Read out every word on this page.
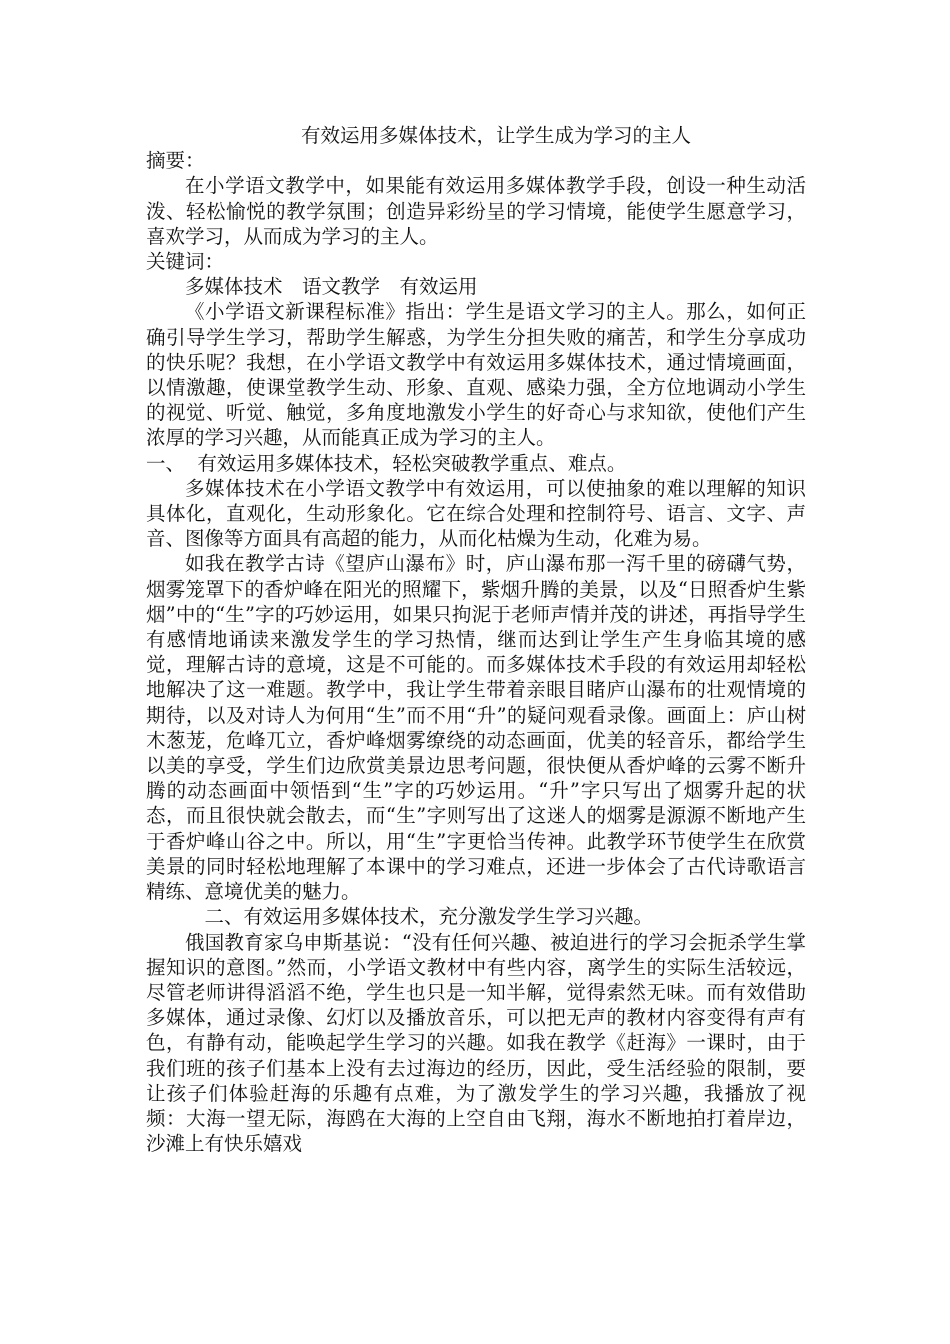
有效运用多媒体技术，让学生成为学习的主人

摘要：

在小学语文教学中，如果能有效运用多媒体教学手段，创设一种生动活泼、轻松愉悦的教学氛围；创造异彩纷呈的学习情境，能使学生愿意学习，喜欢学习，从而成为学习的主人。

关键词：

多媒体技术　语文教学　有效运用

《小学语文新课程标准》指出：学生是语文学习的主人。那么，如何正确引导学生学习，帮助学生解惑，为学生分担失败的痛苦，和学生分享成功的快乐呢？我想，在小学语文教学中有效运用多媒体技术，通过情境画面，以情激趣，使课堂教学生动、形象、直观、感染力强，全方位地调动小学生的视觉、听觉、触觉，多角度地激发小学生的好奇心与求知欲，使他们产生浓厚的学习兴趣，从而能真正成为学习的主人。

一、  有效运用多媒体技术，轻松突破教学重点、难点。

多媒体技术在小学语文教学中有效运用，可以使抽象的难以理解的知识具体化，直观化，生动形象化。它在综合处理和控制符号、语言、文字、声音、图像等方面具有高超的能力，从而化枯燥为生动，化难为易。

如我在教学古诗《望庐山瀑布》时，庐山瀑布那一泻千里的磅礴气势，烟雾笼罩下的香炉峰在阳光的照耀下，紫烟升腾的美景，以及“日照香炉生紫烟”中的“生”字的巧妙运用，如果只拘泥于老师声情并茂的讲述，再指导学生有感情地诵读来激发学生的学习热情，继而达到让学生产生身临其境的感觉，理解古诗的意境，这是不可能的。而多媒体技术手段的有效运用却轻松地解决了这一难题。教学中，我让学生带着亲眼目睹庐山瀑布的壮观情境的期待，以及对诗人为何用“生”而不用“升”的疑问观看录像。画面上：庐山树木葱茏，危峰兀立，香炉峰烟雾缭绕的动态画面，优美的轻音乐，都给学生以美的享受，学生们边欣赏美景边思考问题，很快便从香炉峰的云雾不断升腾的动态画面中领悟到“生”字的巧妙运用。“升”字只写出了烟雾升起的状态，而且很快就会散去，而“生”字则写出了这迷人的烟雾是源源不断地产生于香炉峰山谷之中。所以，用“生”字更恰当传神。此教学环节使学生在欣赏美景的同时轻松地理解了本课中的学习难点，还进一步体会了古代诗歌语言精练、意境优美的魅力。

二、有效运用多媒体技术，充分激发学生学习兴趣。

俄国教育家乌申斯基说：“没有任何兴趣、被迫进行的学习会扼杀学生掌握知识的意图。”然而，小学语文教材中有些内容，离学生的实际生活较远，尽管老师讲得滔滔不绝，学生也只是一知半解，觉得索然无味。而有效借助多媒体，通过录像、幻灯以及播放音乐，可以把无声的教材内容变得有声有色，有静有动，能唤起学生学习的兴趣。如我在教学《赶海》一课时，由于我们班的孩子们基本上没有去过海边的经历，因此，受生活经验的限制，要让孩子们体验赶海的乐趣有点难，为了激发学生的学习兴趣，我播放了视频：大海一望无际，海鸥在大海的上空自由飞翔，海水不断地拍打着岸边，沙滩上有快乐嬉戏
